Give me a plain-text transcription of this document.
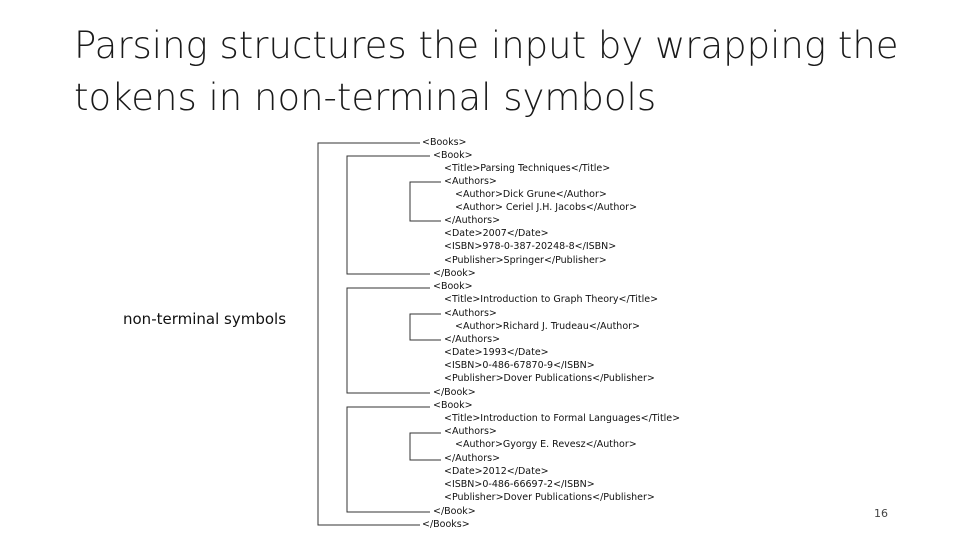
Parsing structures the input by wrapping the
tokens in non-terminal symbols
non-terminal symbols
<Books>
<Book>
<Title>Parsing Techniques</Title>
<Authors>
<Author>Dick Grune</Author>
<Author> Ceriel J.H. Jacobs</Author>
</Authors>
<Date>2007</Date>
<ISBN>978-0-387-20248-8</ISBN>
<Publisher>Springer</Publisher>
</Book>
<Book>
<Title>Introduction to Graph Theory</Title>
<Authors>
<Author>Richard J. Trudeau</Author>
</Authors>
<Date>1993</Date>
<ISBN>0-486-67870-9</ISBN>
<Publisher>Dover Publications</Publisher>
</Book>
<Book>
<Title>Introduction to Formal Languages</Title>
<Authors>
<Author>Gyorgy E. Revesz</Author>
</Authors>
<Date>2012</Date>
<ISBN>0-486-66697-2</ISBN>
<Publisher>Dover Publications</Publisher>
</Book>
</Books>
16
